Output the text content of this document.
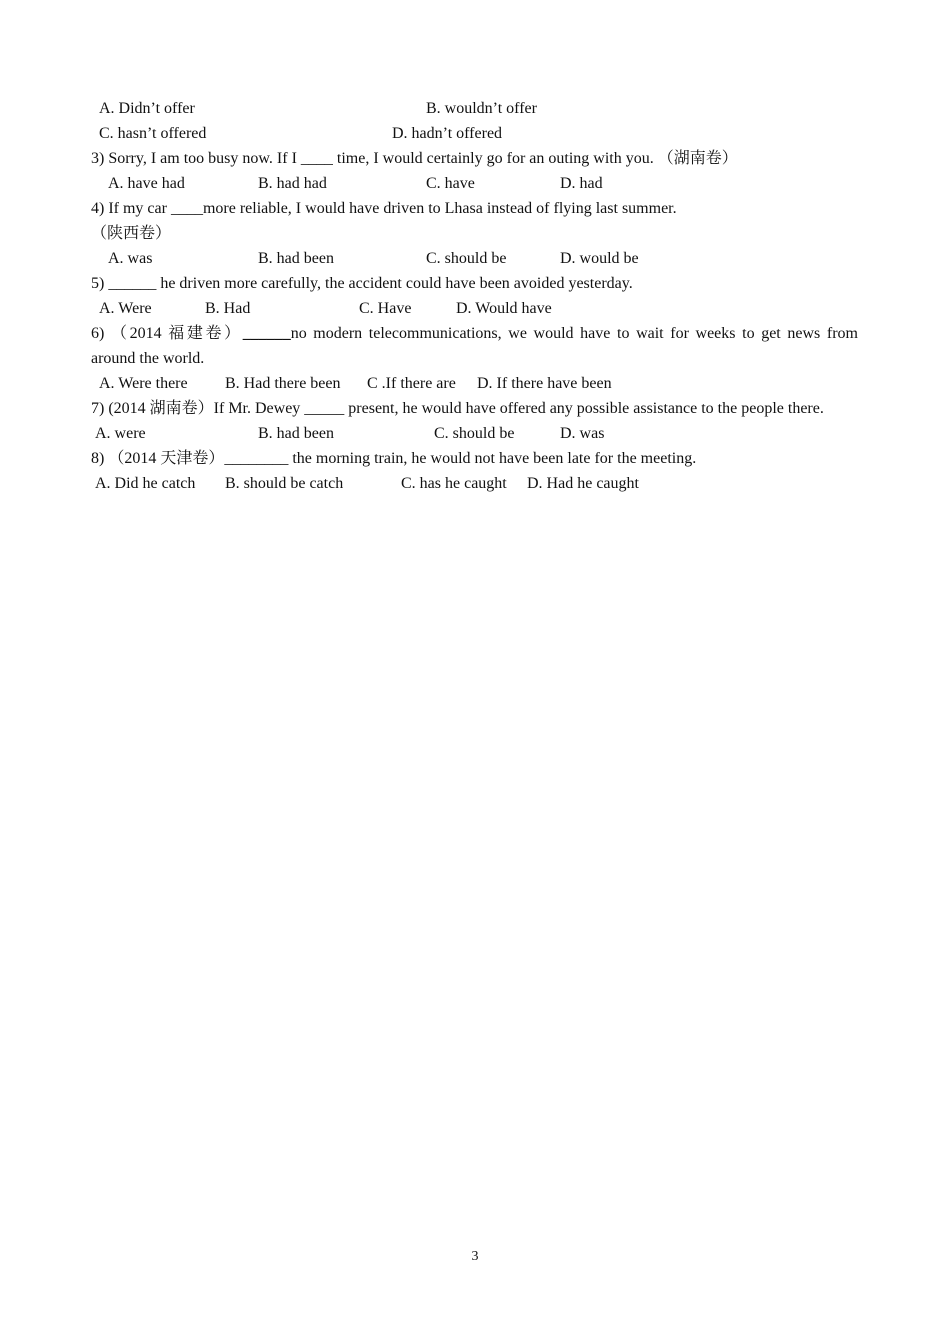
A. Didn’t offer	B. wouldn’t offer
C. hasn’t offered	D. hadn’t offered
3) Sorry, I am too busy now. If I ____ time, I would certainly go for an outing with you. （湖南卷）
A. have had	B. had had	C. have	D. had
4) If my car ____more reliable, I would have driven to Lhasa instead of flying last summer.
（陕西卷）
A. was	B. had been	C. should be	D. would be
5) ______ he driven more carefully, the accident could have been avoided yesterday.
A. Were	B. Had	C. Have	D. Would have
6) （2014 福建卷）______no modern telecommunications, we would have to wait for weeks to get news from
around the world.
A. Were there B. Had there been C .If there are D. If there have been
7) (2014 湖南卷）If Mr. Dewey _____ present, he would have offered any possible assistance to the people there.
A. were	B. had been	C. should be	D. was
8) （2014 天津卷）________ the morning train, he would not have been late for the meeting.
A. Did he catch B. should be catch	C. has he caught D. Had he caught
3
